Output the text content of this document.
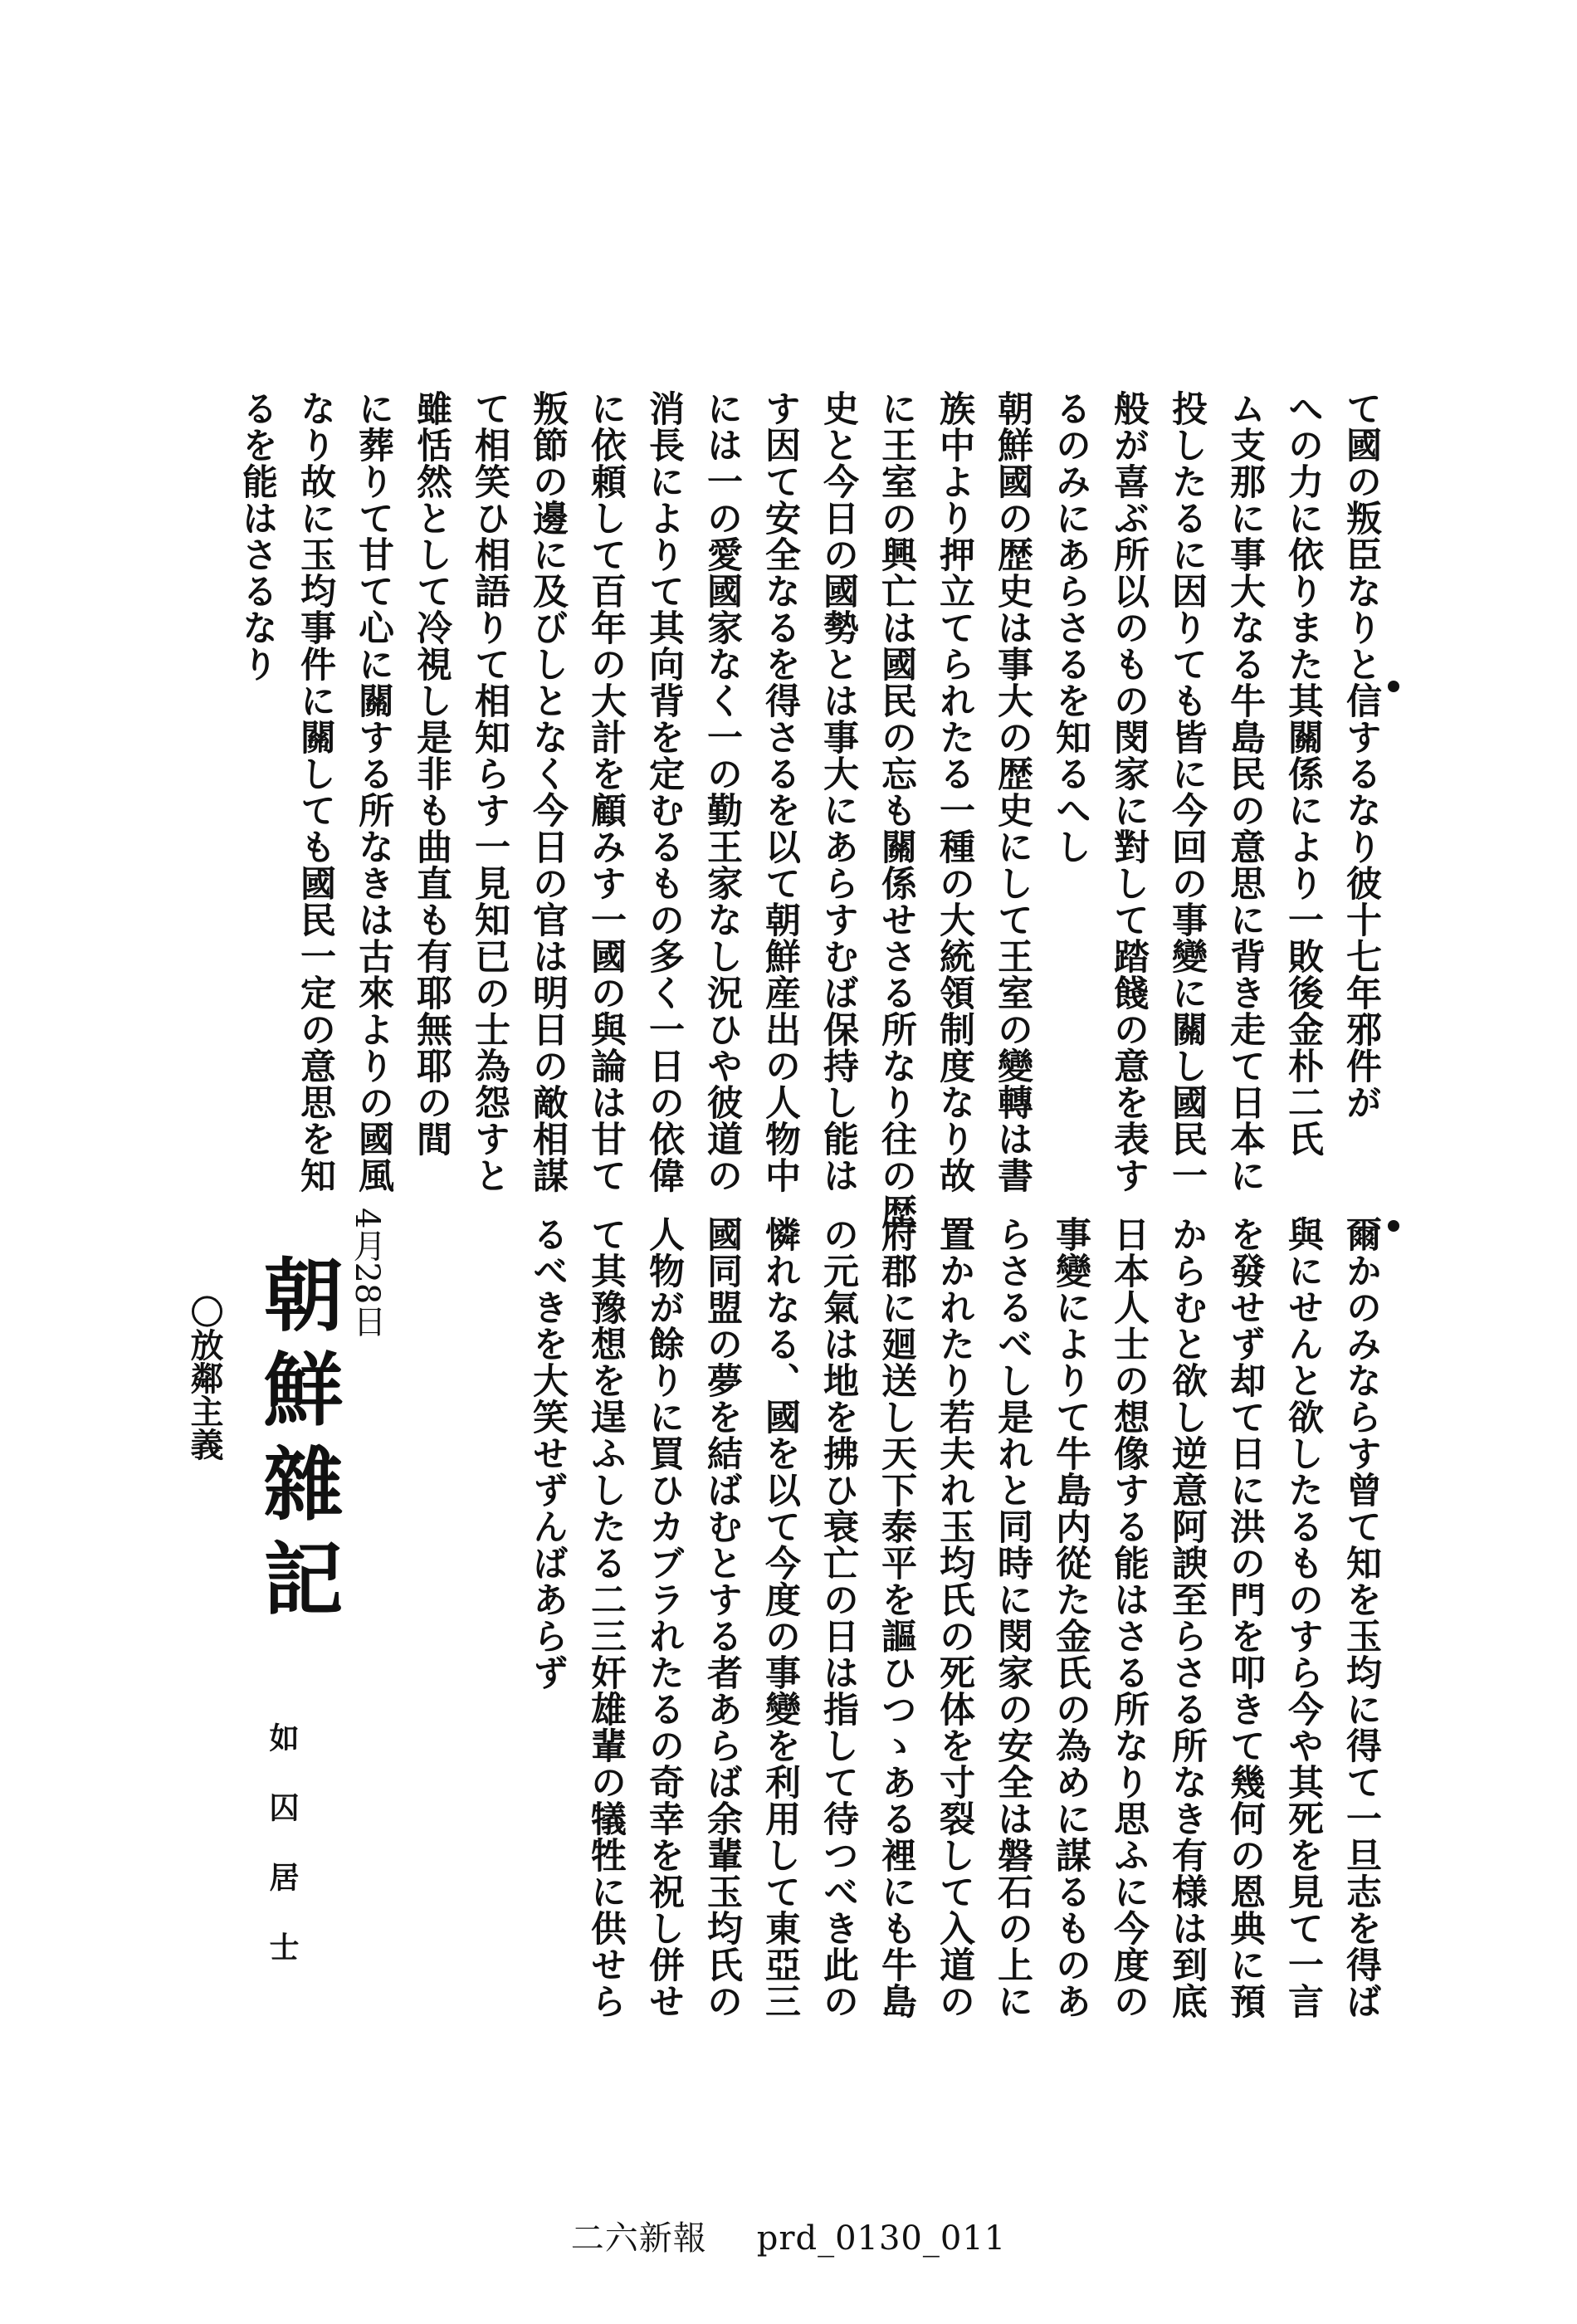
て國の叛臣なりと信するなり彼十七年邪件が
への力に依りまた其關係により一敗後金朴二氏
ム支那に事大なる牛島民の意思に背き走て日本に
投したるに因りても皆に今回の事變に關し國民一
般が喜ぶ所以のもの閔家に對して踏餞の意を表す
るのみにあらさるを知るへし
朝鮮國の歴史は事大の歴史にして王室の變轉は書
族中より押立てられたる一種の大統領制度なり故
に王室の興亡は國民の忘も關係せさる所なり往の歴
史と今日の國勢とは事大にあらすむば保持し能は
す因て安全なるを得さるを以て朝鮮産出の人物中
には一の愛國家なく一の勤王家なし況ひや彼道の
消長によりて其向背を定むるもの多く一日の依偉
に依頼して百年の大計を顧みす一國の與論は甘て
叛節の邊に及びしとなく今日の官は明日の敵相謀
て相笑ひ相語りて相知らす一見知已の士為怨すと
雖恬然として冷視し是非も曲直も有耶無耶の間
に葬りて甘て心に關する所なきは古來よりの國風
なり故に玉均事件に關しても國民一定の意思を知
るを能はさるなり
爾かのみならす曾て知を玉均に得て一旦志を得ば
與にせんと欲したるものすら今や其死を見て一言
を發せず却て日に洪の門を叩きて幾何の恩典に預
からむと欲し逆意阿諛至らさる所なき有様は到底
日本人士の想像する能はさる所なり思ふに今度の
事變によりて牛島内從た金氏の為めに謀るものあ
らさるべし是れと同時に閔家の安全は磐石の上に
置かれたり若夫れ玉均氏の死体を寸裂して入道の
府郡に廻送し天下泰平を謳ひつゝある裡にも牛島
の元氣は地を拂ひ衰亡の日は指して待つべき此の
憐れなる、國を以て今度の事變を利用して東亞三
國同盟の夢を結ばむとする者あらば余輩玉均氏の
人物が餘りに買ひカブラれたるの奇幸を祝し併せ
て其豫想を逞ふしたる二三奸雄輩の犠牲に供せら
るべきを大笑せずんばあらず
4月28日
朝鮮雜記
如囚居士
〇放鄰主義
二六新報 prd_0130_011
